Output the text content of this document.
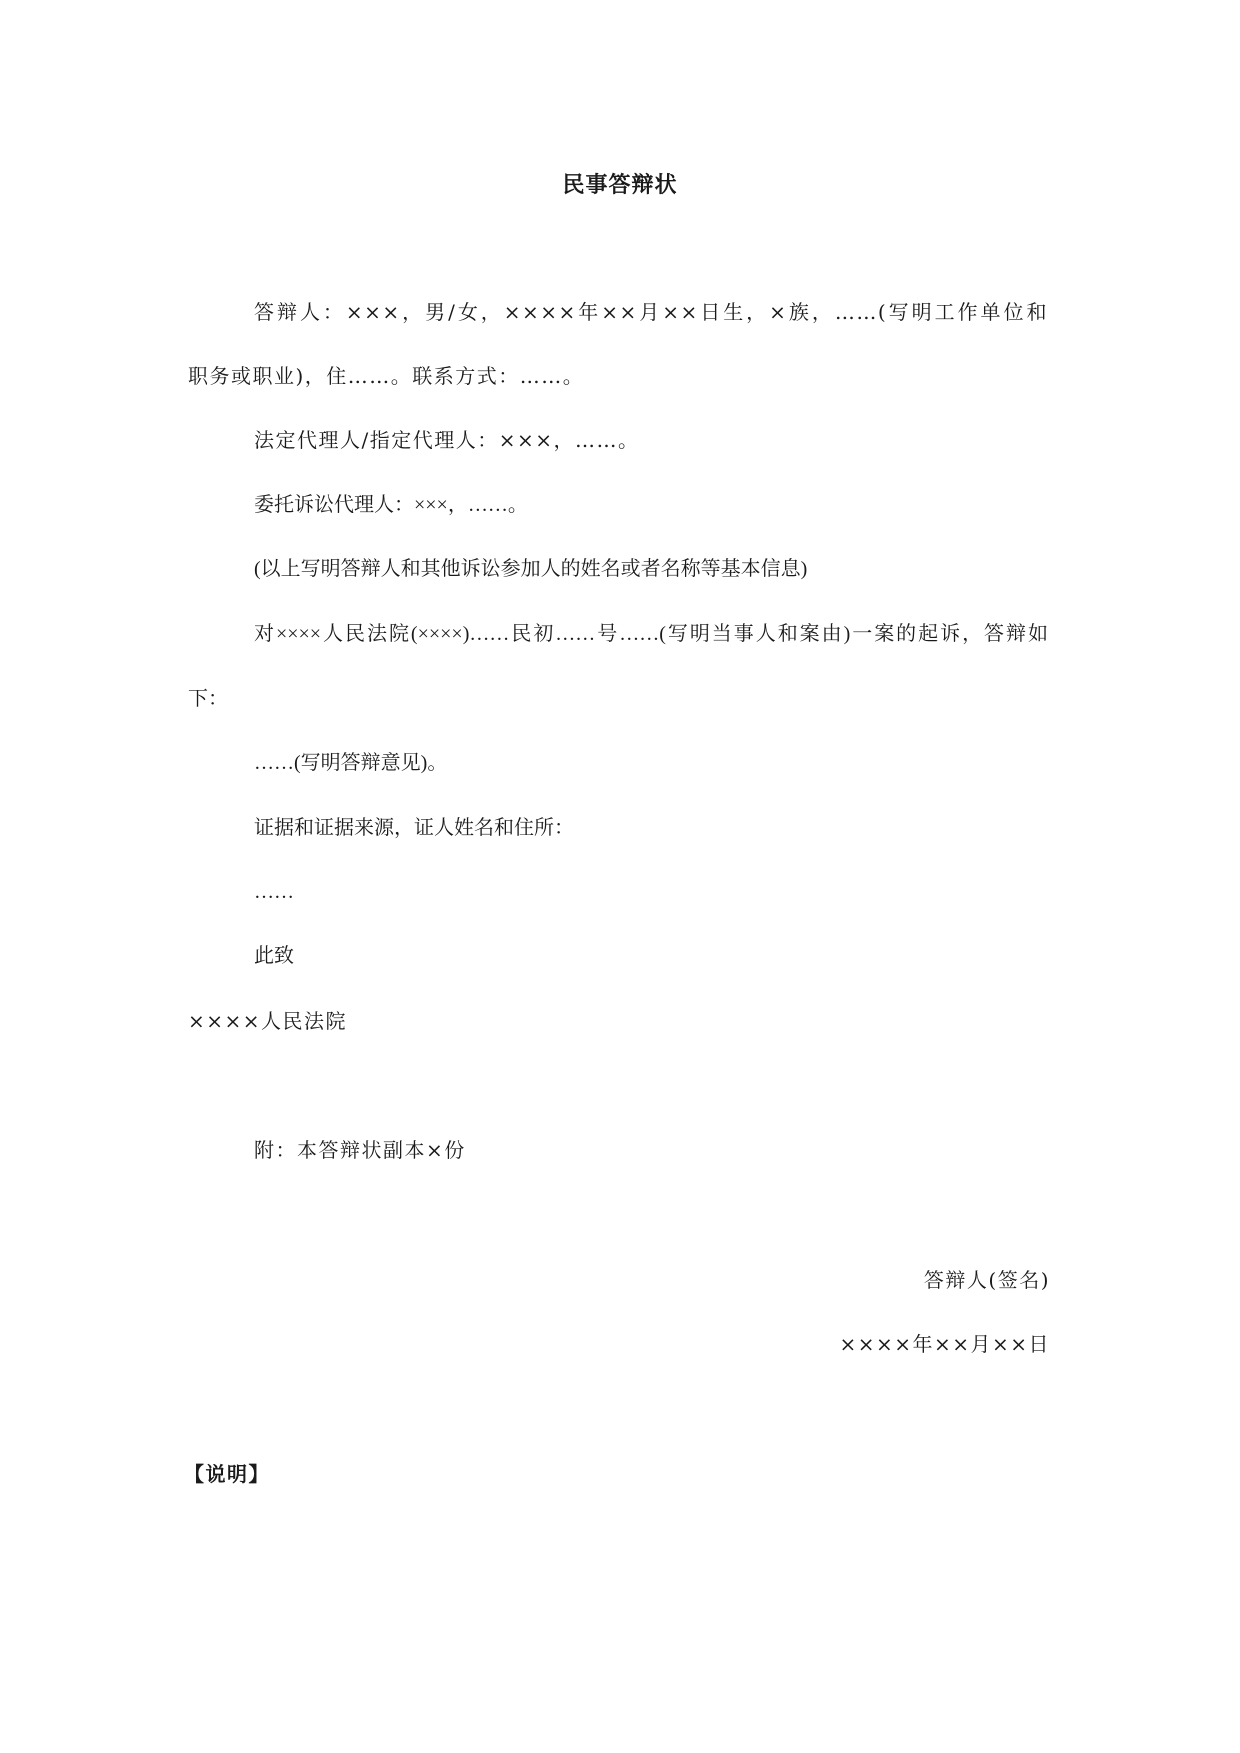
民事答辩状
答辩人：×××，男/女，××××年××月××日生，×族，……(写明工作单位和
职务或职业)，住……。联系方式：……。
法定代理人/指定代理人：×××，……。
委托诉讼代理人：×××，……。
(以上写明答辩人和其他诉讼参加人的姓名或者名称等基本信息)
对××××人民法院(××××)……民初……号……(写明当事人和案由)一案的起诉，答辩如
下：
……(写明答辩意见)。
证据和证据来源，证人姓名和住所：
……
此致
××××人民法院
附：本答辩状副本×份
答辩人(签名)
××××年××月××日
【说明】
